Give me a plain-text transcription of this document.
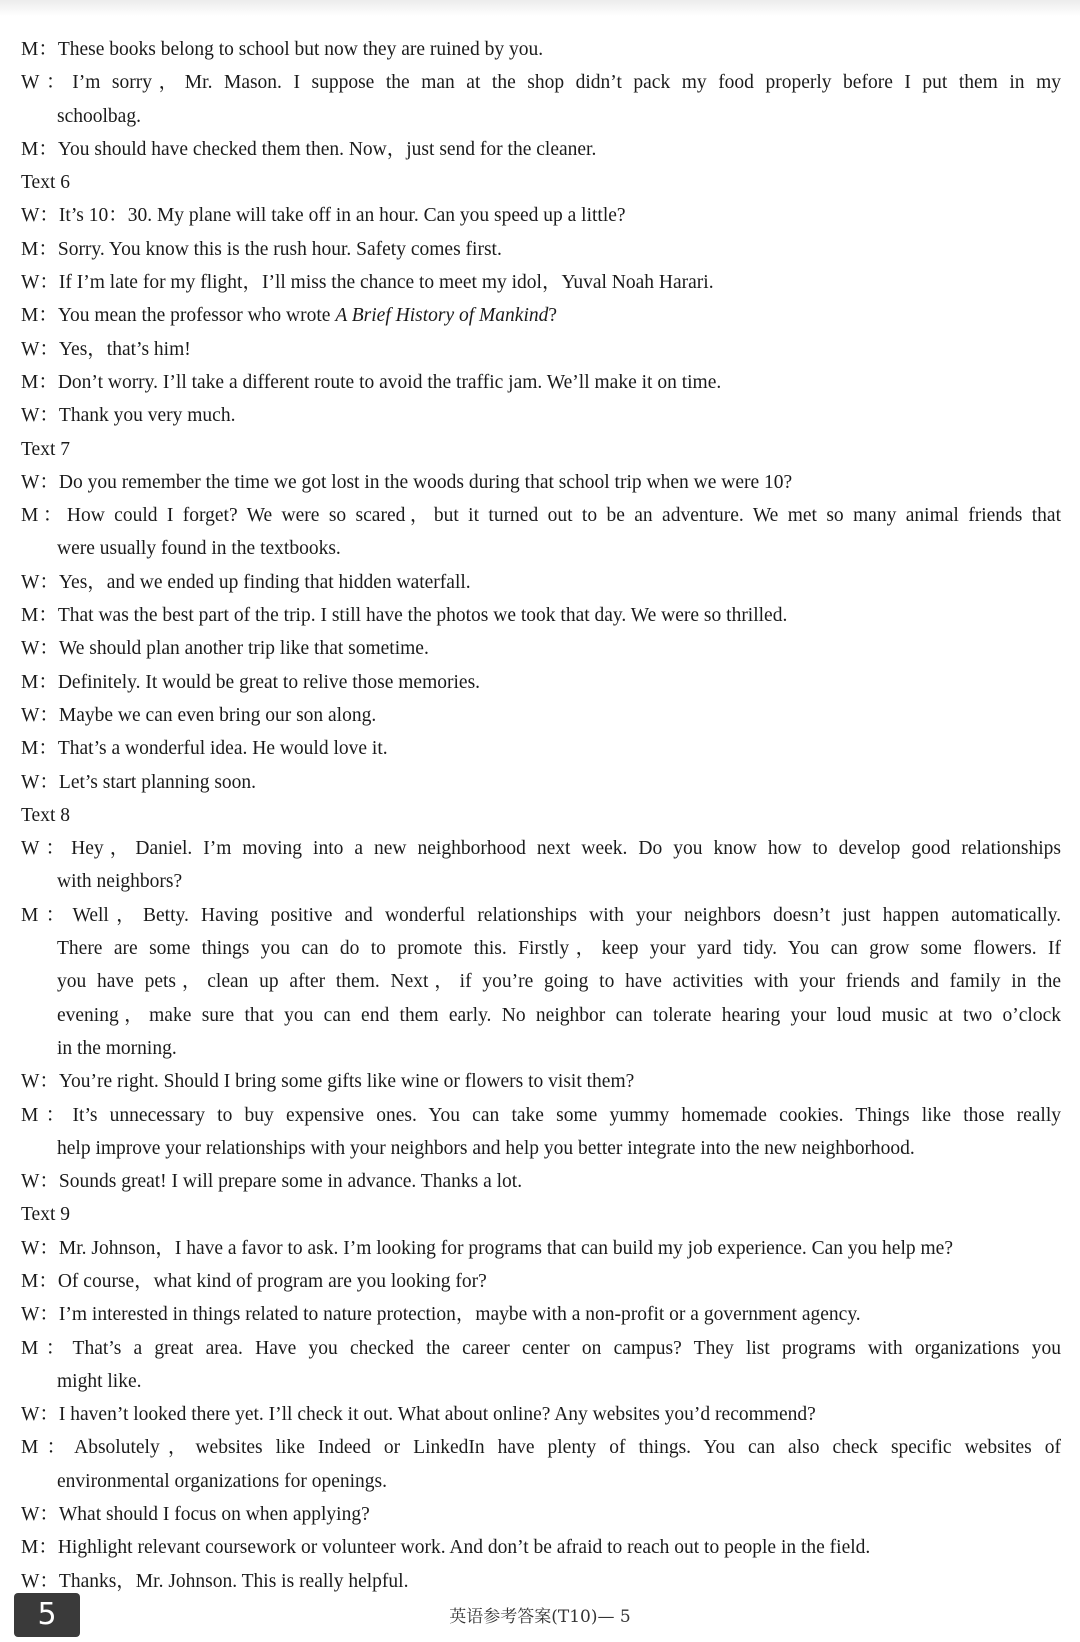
M：These books belong to school but now they are ruined by you.
W：I’m sorry，Mr. Mason. I suppose the man at the shop didn’t pack my food properly before I put them in my
schoolbag.
M：You should have checked them then. Now，just send for the cleaner.
Text 6
W：It’s 10：30. My plane will take off in an hour. Can you speed up a little?
M：Sorry. You know this is the rush hour. Safety comes first.
W：If I’m late for my flight，I’ll miss the chance to meet my idol，Yuval Noah Harari.
M：You mean the professor who wrote A Brief History of Mankind?
W：Yes，that’s him!
M：Don’t worry. I’ll take a different route to avoid the traffic jam. We’ll make it on time.
W：Thank you very much.
Text 7
W：Do you remember the time we got lost in the woods during that school trip when we were 10?
M：How could I forget? We were so scared，but it turned out to be an adventure. We met so many animal friends that
were usually found in the textbooks.
W：Yes，and we ended up finding that hidden waterfall.
M：That was the best part of the trip. I still have the photos we took that day. We were so thrilled.
W：We should plan another trip like that sometime.
M：Definitely. It would be great to relive those memories.
W：Maybe we can even bring our son along.
M：That’s a wonderful idea. He would love it.
W：Let’s start planning soon.
Text 8
W：Hey，Daniel. I’m moving into a new neighborhood next week. Do you know how to develop good relationships
with neighbors?
M：Well，Betty. Having positive and wonderful relationships with your neighbors doesn’t just happen automatically.
There are some things you can do to promote this. Firstly，keep your yard tidy. You can grow some flowers. If
you have pets，clean up after them. Next，if you’re going to have activities with your friends and family in the
evening，make sure that you can end them early. No neighbor can tolerate hearing your loud music at two o’clock
in the morning.
W：You’re right. Should I bring some gifts like wine or flowers to visit them?
M：It’s unnecessary to buy expensive ones. You can take some yummy homemade cookies. Things like those really
help improve your relationships with your neighbors and help you better integrate into the new neighborhood.
W：Sounds great! I will prepare some in advance. Thanks a lot.
Text 9
W：Mr. Johnson，I have a favor to ask. I’m looking for programs that can build my job experience. Can you help me?
M：Of course，what kind of program are you looking for?
W：I’m interested in things related to nature protection，maybe with a non-profit or a government agency.
M：That’s a great area. Have you checked the career center on campus? They list programs with organizations you
might like.
W：I haven’t looked there yet. I’ll check it out. What about online? Any websites you’d recommend?
M：Absolutely，websites like Indeed or LinkedIn have plenty of things. You can also check specific websites of
environmental organizations for openings.
W：What should I focus on when applying?
M：Highlight relevant coursework or volunteer work. And don’t be afraid to reach out to people in the field.
W：Thanks，Mr. Johnson. This is really helpful.
5	英语参考答案(T10)— 5
